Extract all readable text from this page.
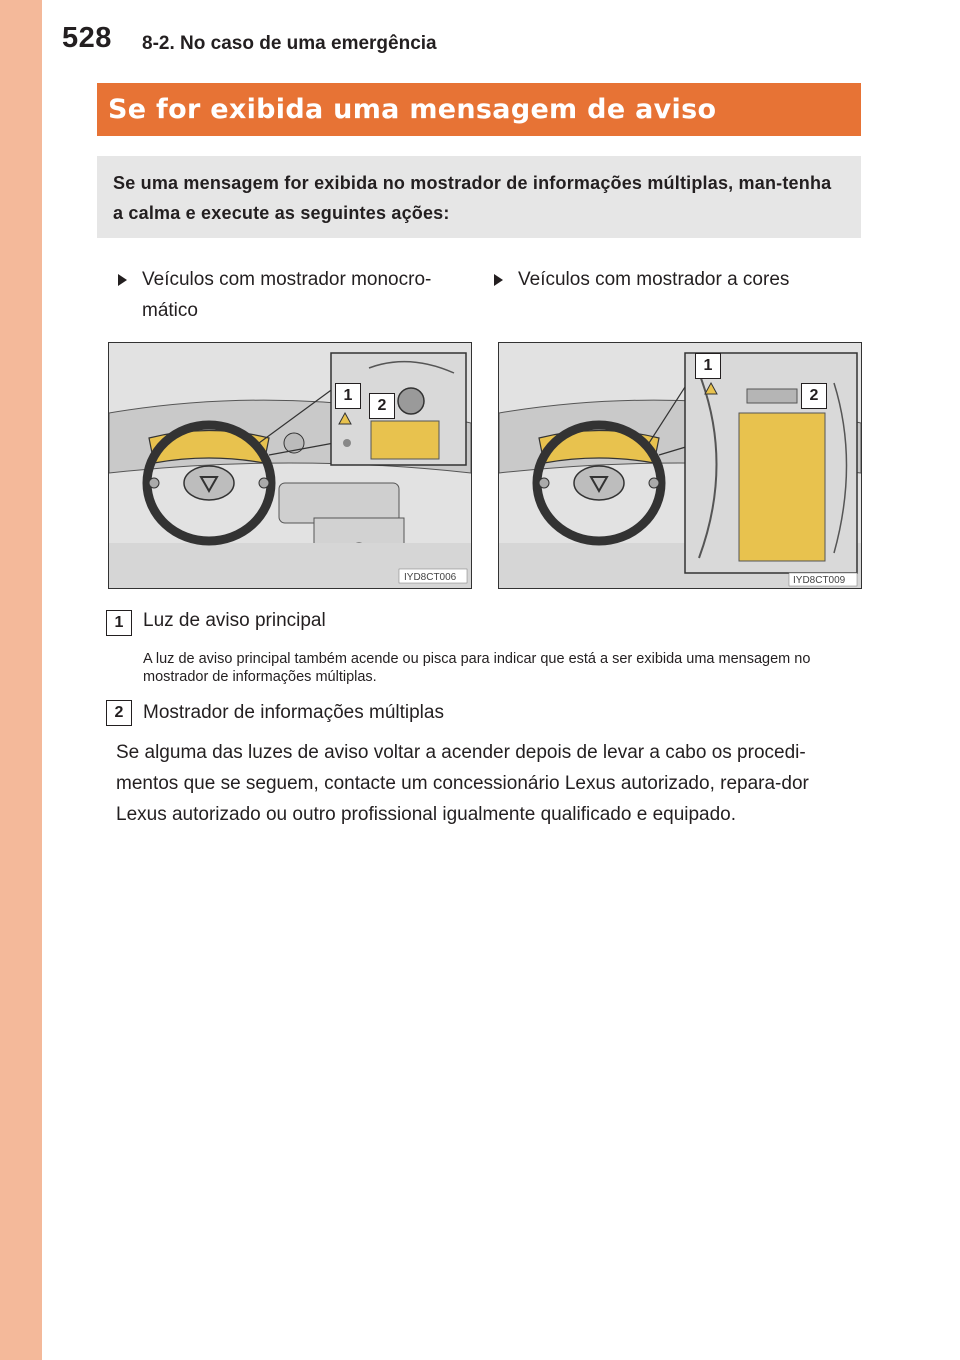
528 8-2. No caso de uma emergência
Se for exibida uma mensagem de aviso
Se uma mensagem for exibida no mostrador de informações múltiplas, man-tenha a calma e execute as seguintes ações:
Veículos com mostrador monocro-mático
Veículos com mostrador a cores
IYD8CT006
1
2
IYD8CT009
1
2
1	Luz de aviso principal
A luz de aviso principal também acende ou pisca para indicar que está a ser exibida uma mensagem no mostrador de informações múltiplas.
2	Mostrador de informações múltiplas
Se alguma das luzes de aviso voltar a acender depois de levar a cabo os procedi-mentos que se seguem, contacte um concessionário Lexus autorizado, repara-dor Lexus autorizado ou outro profissional igualmente qualificado e equipado.
